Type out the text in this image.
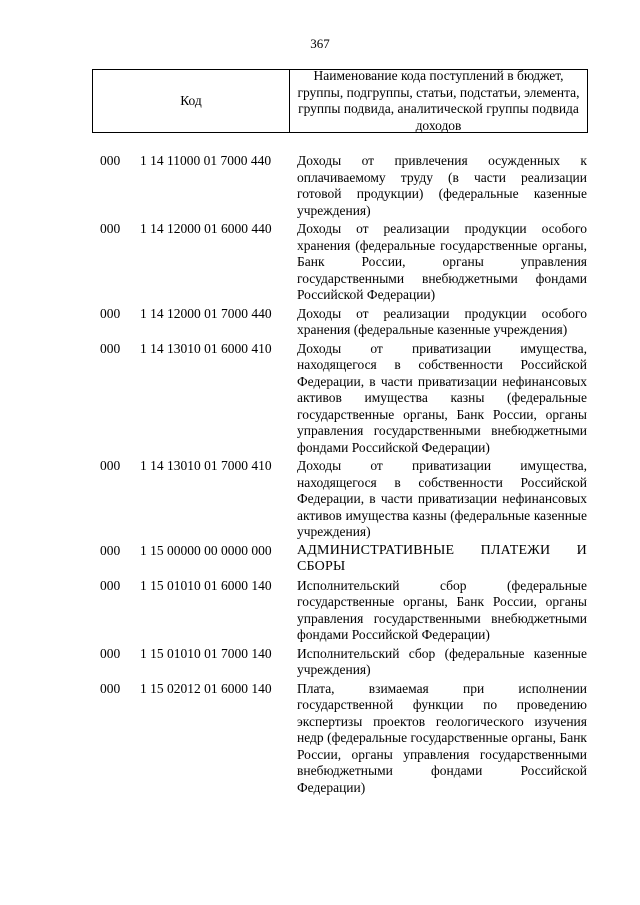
367
Код
Наименование кода поступлений в бюджет, группы, подгруппы, статьи, подстатьи, элемента, группы подвида, аналитической группы подвида доходов
000	1 14 11000 01 7000 440	Доходы от привлечения осужденных к оплачиваемому труду (в части реализации готовой продукции) (федеральные казенные учреждения)
000	1 14 12000 01 6000 440	Доходы от реализации продукции особого хранения (федеральные государственные органы, Банк России, органы управления государственными внебюджетными фондами Российской Федерации)
000	1 14 12000 01 7000 440	Доходы от реализации продукции особого хранения (федеральные казенные учреждения)
000	1 14 13010 01 6000 410	Доходы от приватизации имущества, находящегося в собственности Российской Федерации, в части приватизации нефинансовых активов имущества казны (федеральные государственные органы, Банк России, органы управления государственными внебюджетными фондами Российской Федерации)
000	1 14 13010 01 7000 410	Доходы от приватизации имущества, находящегося в собственности Российской Федерации, в части приватизации нефинансовых активов имущества казны (федеральные казенные учреждения)
000	1 15 00000 00 0000 000	АДМИНИСТРАТИВНЫЕ ПЛАТЕЖИ И СБОРЫ
000	1 15 01010 01 6000 140	Исполнительский сбор (федеральные государственные органы, Банк России, органы управления государственными внебюджетными фондами Российской Федерации)
000	1 15 01010 01 7000 140	Исполнительский сбор (федеральные казенные учреждения)
000	1 15 02012 01 6000 140	Плата, взимаемая при исполнении государственной функции по проведению экспертизы проектов геологического изучения недр (федеральные государственные органы, Банк России, органы управления государственными внебюджетными фондами Российской Федерации)
